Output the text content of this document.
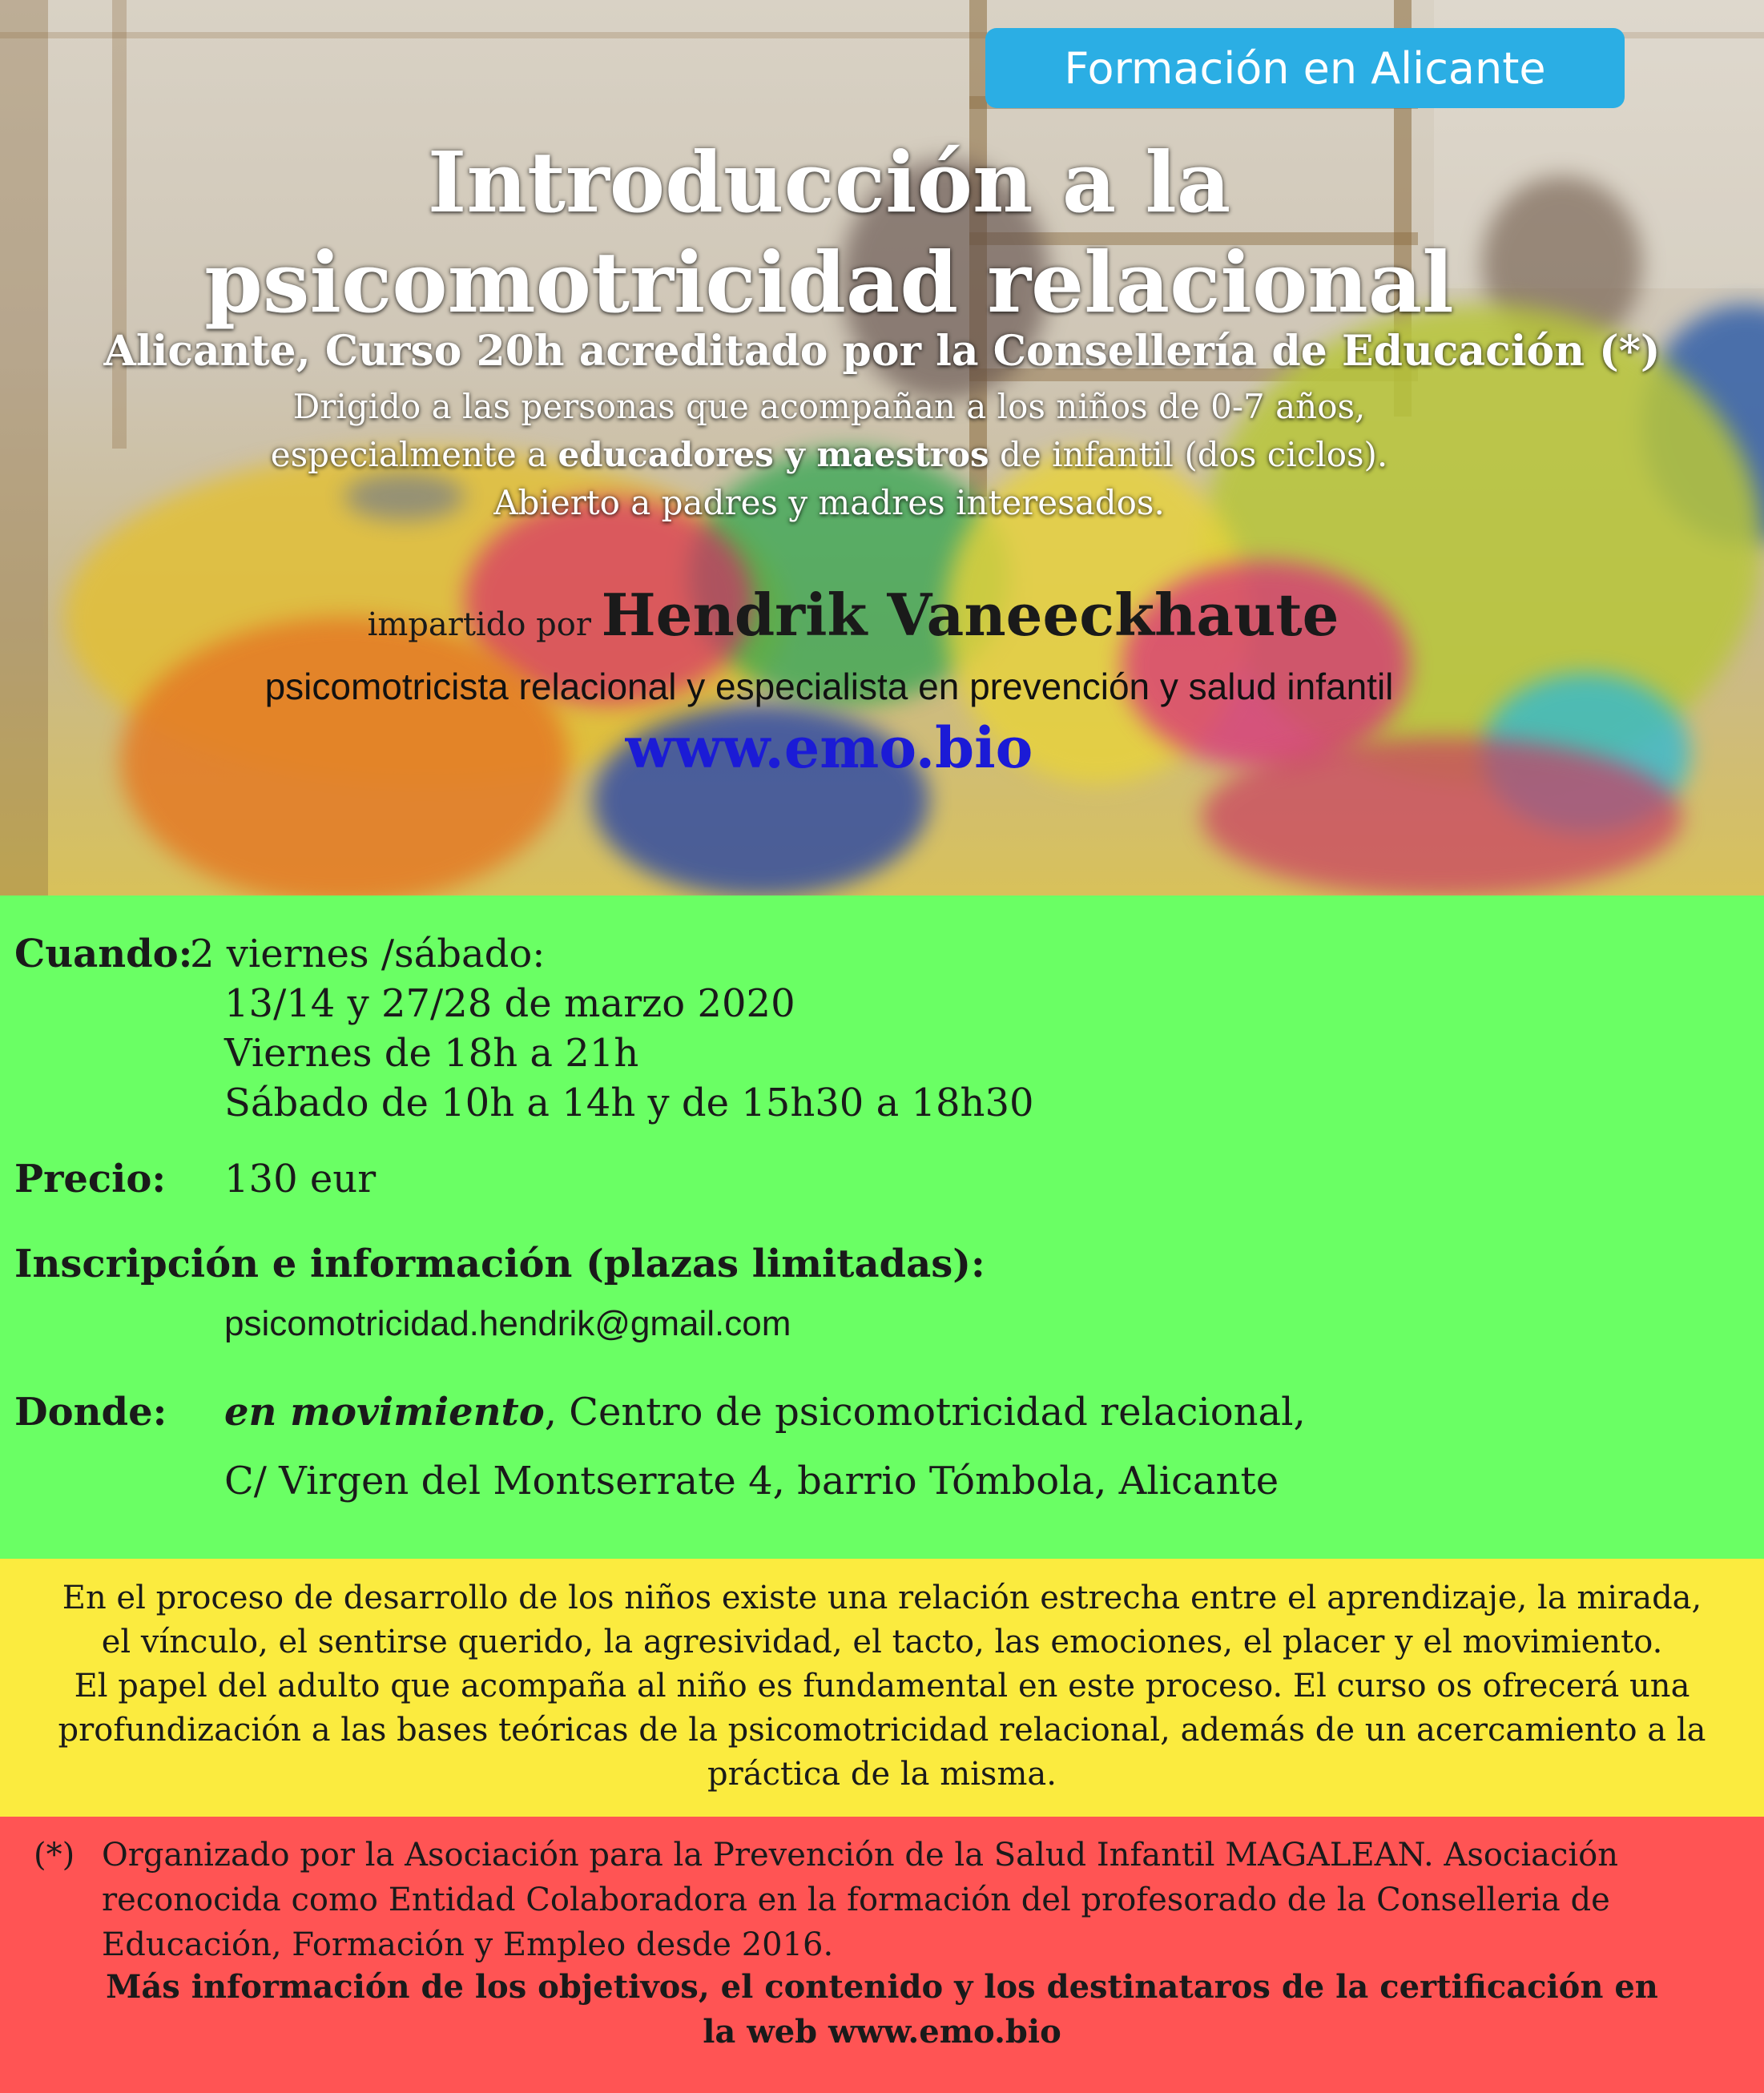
Formación en Alicante
Introducción a la
psicomotricidad relacional
Alicante, Curso 20h acreditado por la Consellería de Educación (*)
Drigido a las personas que acompañan a los niños de 0-7 años,
especialmente a educadores y maestros de infantil (dos ciclos).
Abierto a padres y madres interesados.
impartido por Hendrik Vaneeckhaute
psicomotricista relacional y especialista en prevención y salud infantil
www.emo.bio
Cuando:
2 viernes /sábado:
13/14 y 27/28 de marzo 2020
Viernes de 18h a 21h
Sábado de 10h a 14h y de 15h30 a 18h30
Precio: 130 eur
Inscripción e información (plazas limitadas):
psicomotricidad.hendrik@gmail.com
Donde: en movimiento, Centro de psicomotricidad relacional,
C/ Virgen del Montserrate 4, barrio Tómbola, Alicante

En el proceso de desarrollo de los niños existe una relación estrecha entre el aprendizaje, la mirada,
el vínculo, el sentirse querido, la agresividad, el tacto, las emociones, el placer y el movimiento.
El papel del adulto que acompaña al niño es fundamental en este proceso. El curso os ofrecerá una
profundización a las bases teóricas de la psicomotricidad relacional, además de un acercamiento a la
práctica de la misma.

(*) Organizado por la Asociación para la Prevención de la Salud Infantil MAGALEAN. Asociación
reconocida como Entidad Colaboradora en la formación del profesorado de la Conselleria de
Educación, Formación y Empleo desde 2016.
Más información de los objetivos, el contenido y los destinataros de la certificación en
la web www.emo.bio
